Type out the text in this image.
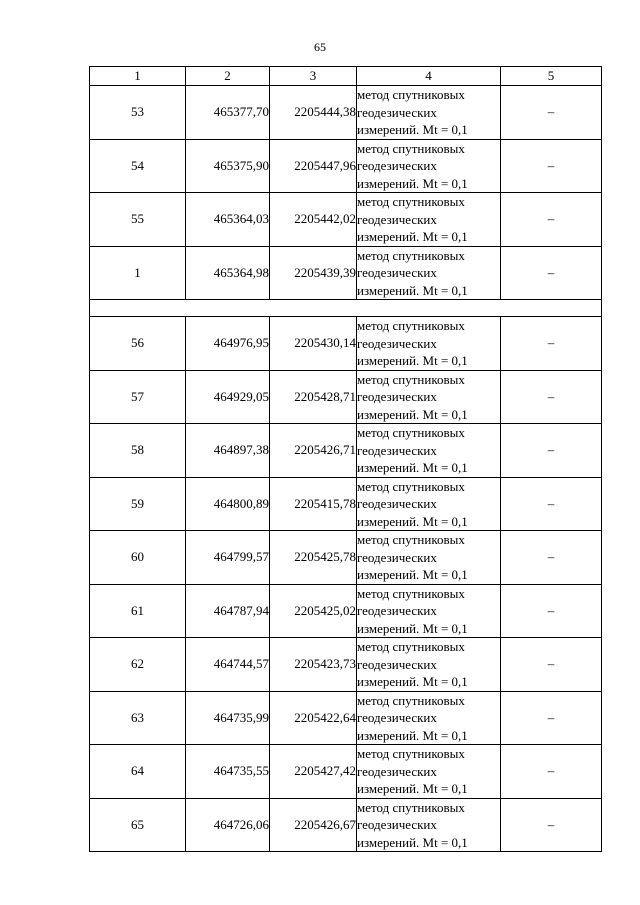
65
1	2	3	4	5
53	465377,70	2205444,38	метод спутниковых геодезических измерений. Mt = 0,1	–
54	465375,90	2205447,96	метод спутниковых геодезических измерений. Mt = 0,1	–
55	465364,03	2205442,02	метод спутниковых геодезических измерений. Mt = 0,1	–
1	465364,98	2205439,39	метод спутниковых геодезических измерений. Mt = 0,1	–

56	464976,95	2205430,14	метод спутниковых геодезических измерений. Mt = 0,1	–
57	464929,05	2205428,71	метод спутниковых геодезических измерений. Mt = 0,1	–
58	464897,38	2205426,71	метод спутниковых геодезических измерений. Mt = 0,1	–
59	464800,89	2205415,78	метод спутниковых геодезических измерений. Mt = 0,1	–
60	464799,57	2205425,78	метод спутниковых геодезических измерений. Mt = 0,1	–
61	464787,94	2205425,02	метод спутниковых геодезических измерений. Mt = 0,1	–
62	464744,57	2205423,73	метод спутниковых геодезических измерений. Mt = 0,1	–
63	464735,99	2205422,64	метод спутниковых геодезических измерений. Mt = 0,1	–
64	464735,55	2205427,42	метод спутниковых геодезических измерений. Mt = 0,1	–
65	464726,06	2205426,67	метод спутниковых геодезических измерений. Mt = 0,1	–
